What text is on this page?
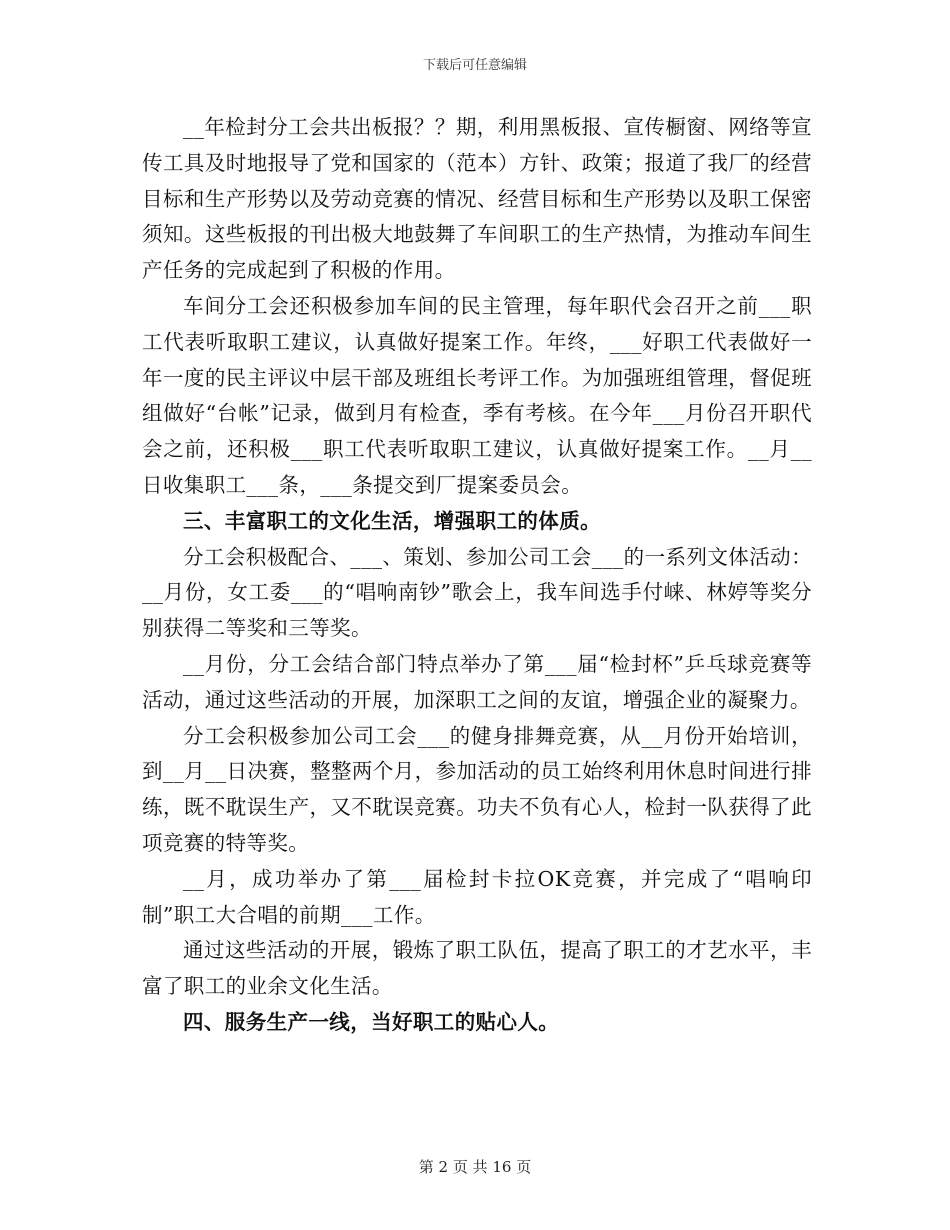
下载后可任意编辑

__年检封分工会共出板报？？期，利用黑板报、宣传橱窗、网络等宣传工具及时地报导了党和国家的（范本）方针、政策；报道了我厂的经营目标和生产形势以及劳动竞赛的情况、经营目标和生产形势以及职工保密须知。这些板报的刊出极大地鼓舞了车间职工的生产热情，为推动车间生产任务的完成起到了积极的作用。

车间分工会还积极参加车间的民主管理，每年职代会召开之前___职工代表听取职工建议，认真做好提案工作。年终，___好职工代表做好一年一度的民主评议中层干部及班组长考评工作。为加强班组管理，督促班组做好“台帐”记录，做到月有检查，季有考核。在今年___月份召开职代会之前，还积极___职工代表听取职工建议，认真做好提案工作。__月__日收集职工___条，___条提交到厂提案委员会。

三、丰富职工的文化生活，增强职工的体质。

分工会积极配合、___、策划、参加公司工会___的一系列文体活动：__月份，女工委___的“唱响南钞”歌会上，我车间选手付崃、林婷等奖分别获得二等奖和三等奖。

__月份，分工会结合部门特点举办了第___届“检封杯”乒乓球竞赛等活动，通过这些活动的开展，加深职工之间的友谊，增强企业的凝聚力。

分工会积极参加公司工会___的健身排舞竞赛，从__月份开始培训，到__月__日决赛，整整两个月，参加活动的员工始终利用休息时间进行排练，既不耽误生产，又不耽误竞赛。功夫不负有心人，检封一队获得了此项竞赛的特等奖。

__月，成功举办了第___届检封卡拉OK竞赛，并完成了“唱响印制”职工大合唱的前期___工作。

通过这些活动的开展，锻炼了职工队伍，提高了职工的才艺水平，丰富了职工的业余文化生活。

四、服务生产一线，当好职工的贴心人。

第 2 页 共 16 页
